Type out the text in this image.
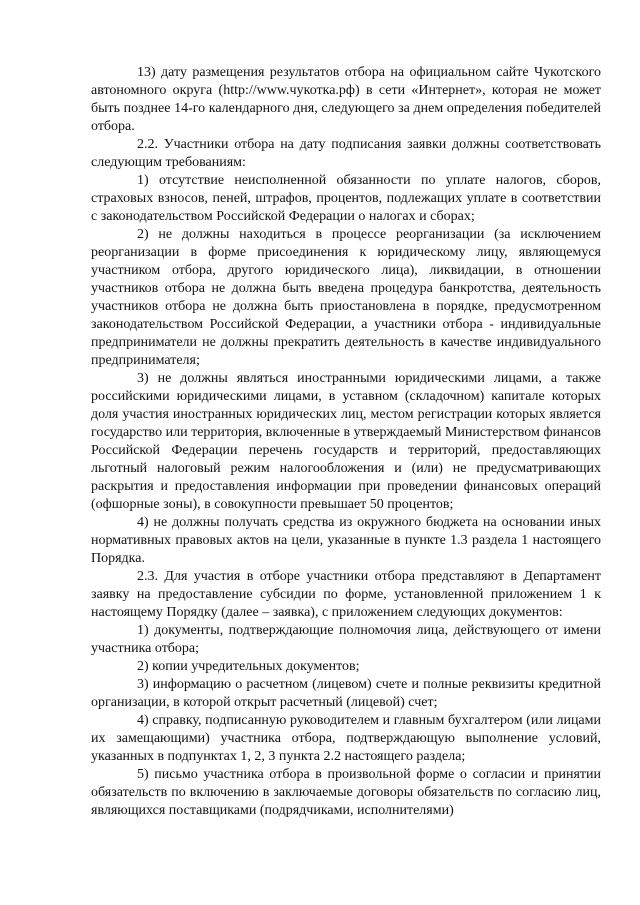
13) дату размещения результатов отбора на официальном сайте Чукотского автономного округа (http://www.чукотка.рф) в сети «Интернет», которая не может быть позднее 14-го календарного дня, следующего за днем определения победителей отбора.

2.2. Участники отбора на дату подписания заявки должны соответствовать следующим требованиям:

1) отсутствие неисполненной обязанности по уплате налогов, сборов, страховых взносов, пеней, штрафов, процентов, подлежащих уплате в соответствии с законодательством Российской Федерации о налогах и сборах;

2) не должны находиться в процессе реорганизации (за исключением реорганизации в форме присоединения к юридическому лицу, являющемуся участником отбора, другого юридического лица), ликвидации, в отношении участников отбора не должна быть введена процедура банкротства, деятельность участников отбора не должна быть приостановлена в порядке, предусмотренном законодательством Российской Федерации, а участники отбора - индивидуальные предприниматели не должны прекратить деятельность в качестве индивидуального предпринимателя;

3) не должны являться иностранными юридическими лицами, а также российскими юридическими лицами, в уставном (складочном) капитале которых доля участия иностранных юридических лиц, местом регистрации которых является государство или территория, включенные в утверждаемый Министерством финансов Российской Федерации перечень государств и территорий, предоставляющих льготный налоговый режим налогообложения и (или) не предусматривающих раскрытия и предоставления информации при проведении финансовых операций (офшорные зоны), в совокупности превышает 50 процентов;

4) не должны получать средства из окружного бюджета на основании иных нормативных правовых актов на цели, указанные в пункте 1.3 раздела 1 настоящего Порядка.

2.3. Для участия в отборе участники отбора представляют в Департамент заявку на предоставление субсидии по форме, установленной приложением 1 к настоящему Порядку (далее – заявка), с приложением следующих документов:

1) документы, подтверждающие полномочия лица, действующего от имени участника отбора;

2) копии учредительных документов;

3) информацию о расчетном (лицевом) счете и полные реквизиты кредитной организации, в которой открыт расчетный (лицевой) счет;

4) справку, подписанную руководителем и главным бухгалтером (или лицами их замещающими) участника отбора, подтверждающую выполнение условий, указанных в подпунктах 1, 2, 3 пункта 2.2 настоящего раздела;

5) письмо участника отбора в произвольной форме о согласии и принятии обязательств по включению в заключаемые договоры обязательств по согласию лиц, являющихся поставщиками (подрядчиками, исполнителями)
